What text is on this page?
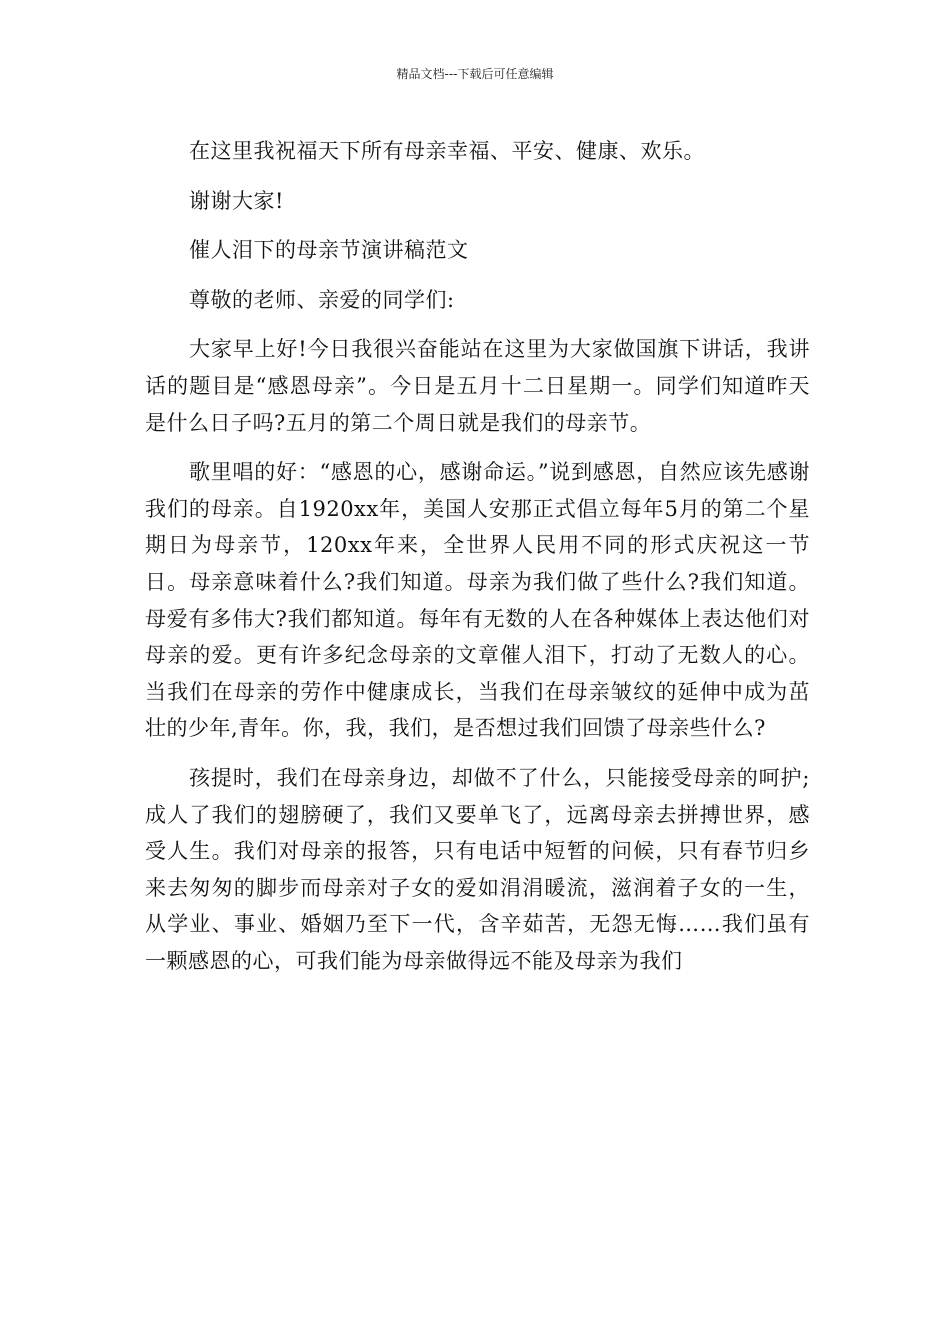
精品文档---下载后可任意编辑

在这里我祝福天下所有母亲幸福、平安、健康、欢乐。

谢谢大家!

催人泪下的母亲节演讲稿范文

尊敬的老师、亲爱的同学们:

大家早上好!今日我很兴奋能站在这里为大家做国旗下讲话，我讲话的题目是“感恩母亲”。今日是五月十二日星期一。同学们知道昨天是什么日子吗?五月的第二个周日就是我们的母亲节。

歌里唱的好：“感恩的心，感谢命运。”说到感恩，自然应该先感谢我们的母亲。自1920xx年，美国人安那正式倡立每年5月的第二个星期日为母亲节，120xx年来，全世界人民用不同的形式庆祝这一节日。母亲意味着什么?我们知道。母亲为我们做了些什么?我们知道。母爱有多伟大?我们都知道。每年有无数的人在各种媒体上表达他们对母亲的爱。更有许多纪念母亲的文章催人泪下，打动了无数人的心。当我们在母亲的劳作中健康成长，当我们在母亲皱纹的延伸中成为茁壮的少年,青年。你，我，我们，是否想过我们回馈了母亲些什么?

孩提时，我们在母亲身边，却做不了什么，只能接受母亲的呵护;成人了我们的翅膀硬了，我们又要单飞了，远离母亲去拼搏世界，感受人生。我们对母亲的报答，只有电话中短暂的问候，只有春节归乡来去匆匆的脚步而母亲对子女的爱如涓涓暖流，滋润着子女的一生，从学业、事业、婚姻乃至下一代，含辛茹苦，无怨无悔……我们虽有一颗感恩的心，可我们能为母亲做得远不能及母亲为我们
